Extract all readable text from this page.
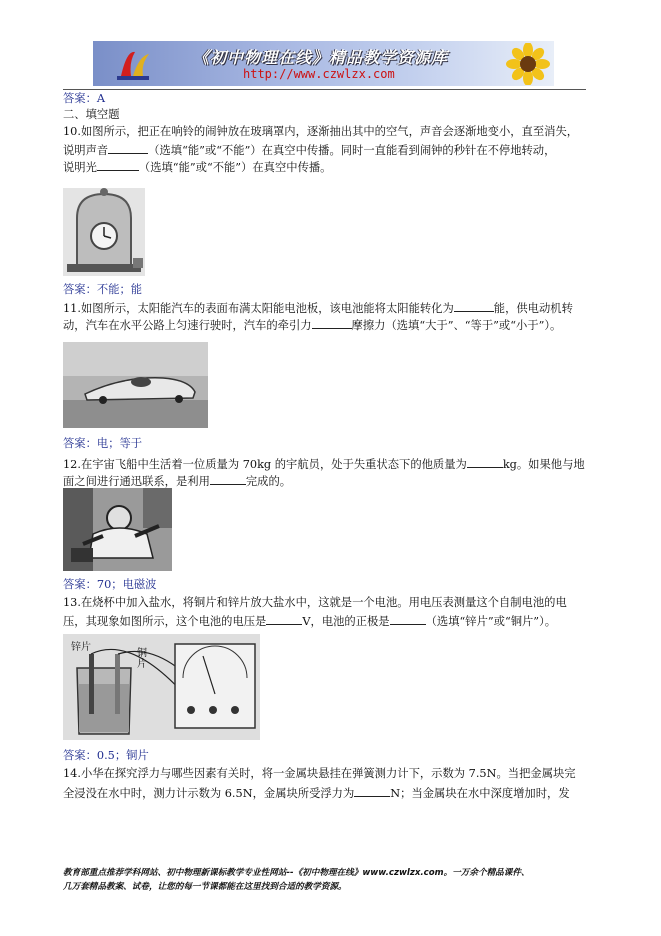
《初中物理在线》精品教学资源库
http://www.czwlzx.com
答案：A
二、填空题
10.如图所示，把正在响铃的闹钟放在玻璃罩内，逐渐抽出其中的空气，声音会逐渐地变小，直至消失，
说明声音	（选填“能”或“不能”）在真空中传播。同时一直能看到闹钟的秒针在不停地转动，
说明光	（选填“能”或“不能”）在真空中传播。
答案：不能；能
11.如图所示，太阳能汽车的表面布满太阳能电池板，该电池能将太阳能转化为	能，供电动机转
动，汽车在水平公路上匀速行驶时，汽车的牵引力	摩擦力（选填“大于”、“等于”或“小于”）。
答案：电；等于
12.在宇宙飞船中生活着一位质量为 70kg 的宇航员，处于失重状态下的他质量为	kg。如果他与地
面之间进行通迅联系，是利用	完成的。
答案：70；电磁波
13.在烧杯中加入盐水，将铜片和锌片放大盐水中，这就是一个电池。用电压表测量这个自制电池的电
压，其现象如图所示，这个电池的电压是	V，电池的正极是	（选填“锌片”或“铜片”）。
锌片
铜片
答案：0.5；铜片
14.小华在探究浮力与哪些因素有关时，将一金属块悬挂在弹簧测力计下，示数为 7.5N。当把金属块完
全浸没在水中时，测力计示数为 6.5N，金属块所受浮力为	N；当金属块在水中深度增加时，发
教育部重点推荐学科网站、初中物理新课标教学专业性网站--《初中物理在线》www.czwlzx.com。一万余个精品课件、
几万套精品教案、试卷，让您的每一节课都能在这里找到合适的教学资源。
